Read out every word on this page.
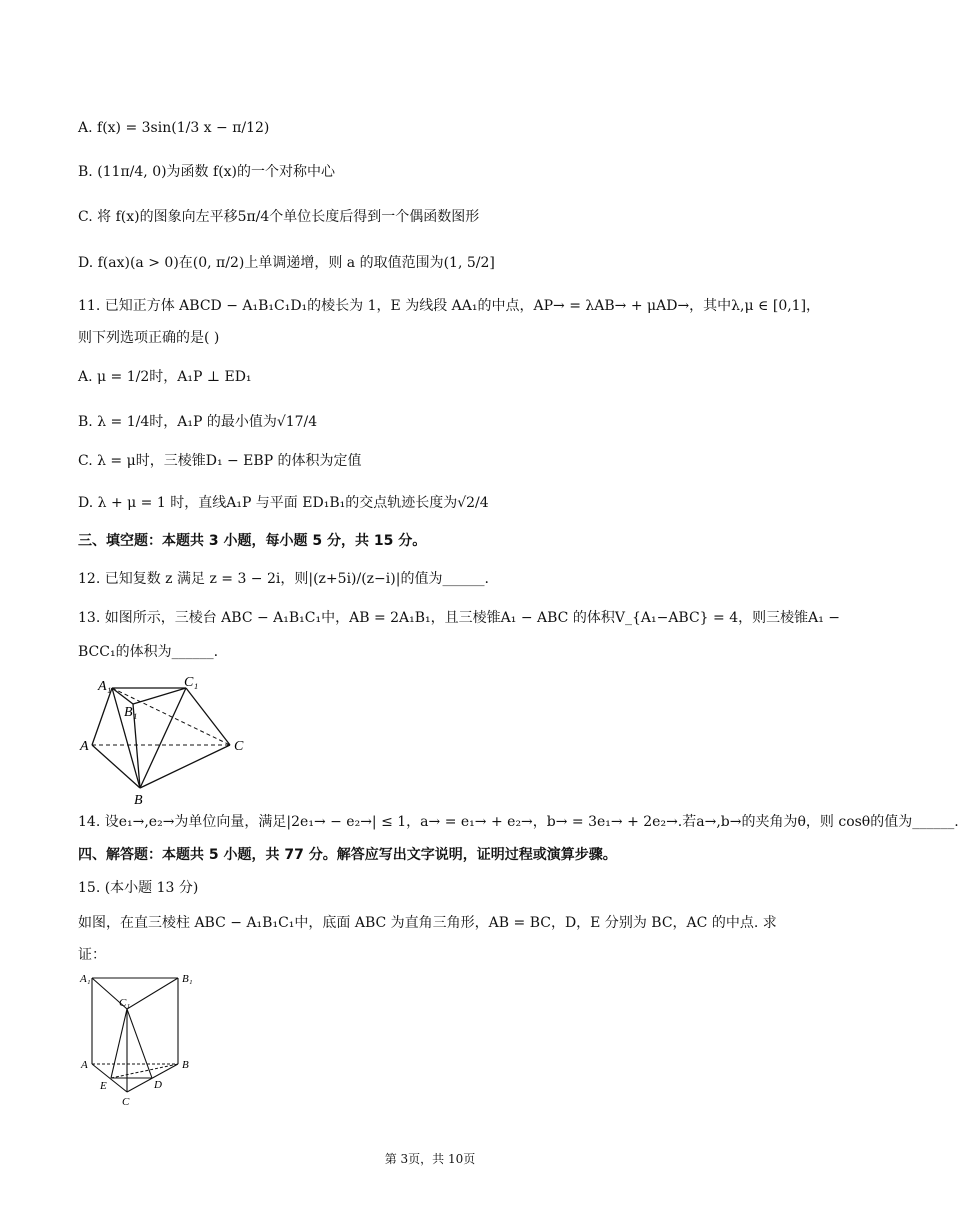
A. f(x) = 3sin(1/3 x − π/12)
B. (11π/4, 0)为函数 f(x)的一个对称中心
C. 将 f(x)的图象向左平移5π/4个单位长度后得到一个偶函数图形
D. f(ax)(a > 0)在(0, π/2)上单调递增，则 a 的取值范围为(1, 5/2]
11. 已知正方体 ABCD − A₁B₁C₁D₁的棱长为 1，E 为线段 AA₁的中点，AP→ = λAB→ + μAD→，其中λ,μ ∈ [0,1]，
则下列选项正确的是( )
A. μ = 1/2时，A₁P ⊥ ED₁
B. λ = 1/4时，A₁P 的最小值为√17/4
C. λ = μ时，三棱锥D₁ − EBP 的体积为定值
D. λ + μ = 1 时，直线A₁P 与平面 ED₁B₁的交点轨迹长度为√2/4
三、填空题：本题共 3 小题，每小题 5 分，共 15 分。
12. 已知复数 z 满足 z = 3 − 2i，则|(z+5i)/(z−i)|的值为______.
13. 如图所示，三棱台 ABC − A₁B₁C₁中，AB = 2A₁B₁，且三棱锥A₁ − ABC 的体积V_{A₁−ABC} = 4，则三棱锥A₁ −
BCC₁的体积为______.
A₁	C₁
B₁
A	C
B
14. 设e₁→,e₂→为单位向量，满足|2e₁→ − e₂→| ≤ 1，a→ = e₁→ + e₂→，b→ = 3e₁→ + 2e₂→.若a→,b→的夹角为θ，则 cosθ的值为______.
四、解答题：本题共 5 小题，共 77 分。解答应写出文字说明，证明过程或演算步骤。
15. (本小题 13 分)
如图，在直三棱柱 ABC − A₁B₁C₁中，底面 ABC 为直角三角形，AB = BC，D，E 分别为 BC，AC 的中点. 求
证：
A₁	B₁
C₁
A	B
E	D
C
第 3页，共 10页
